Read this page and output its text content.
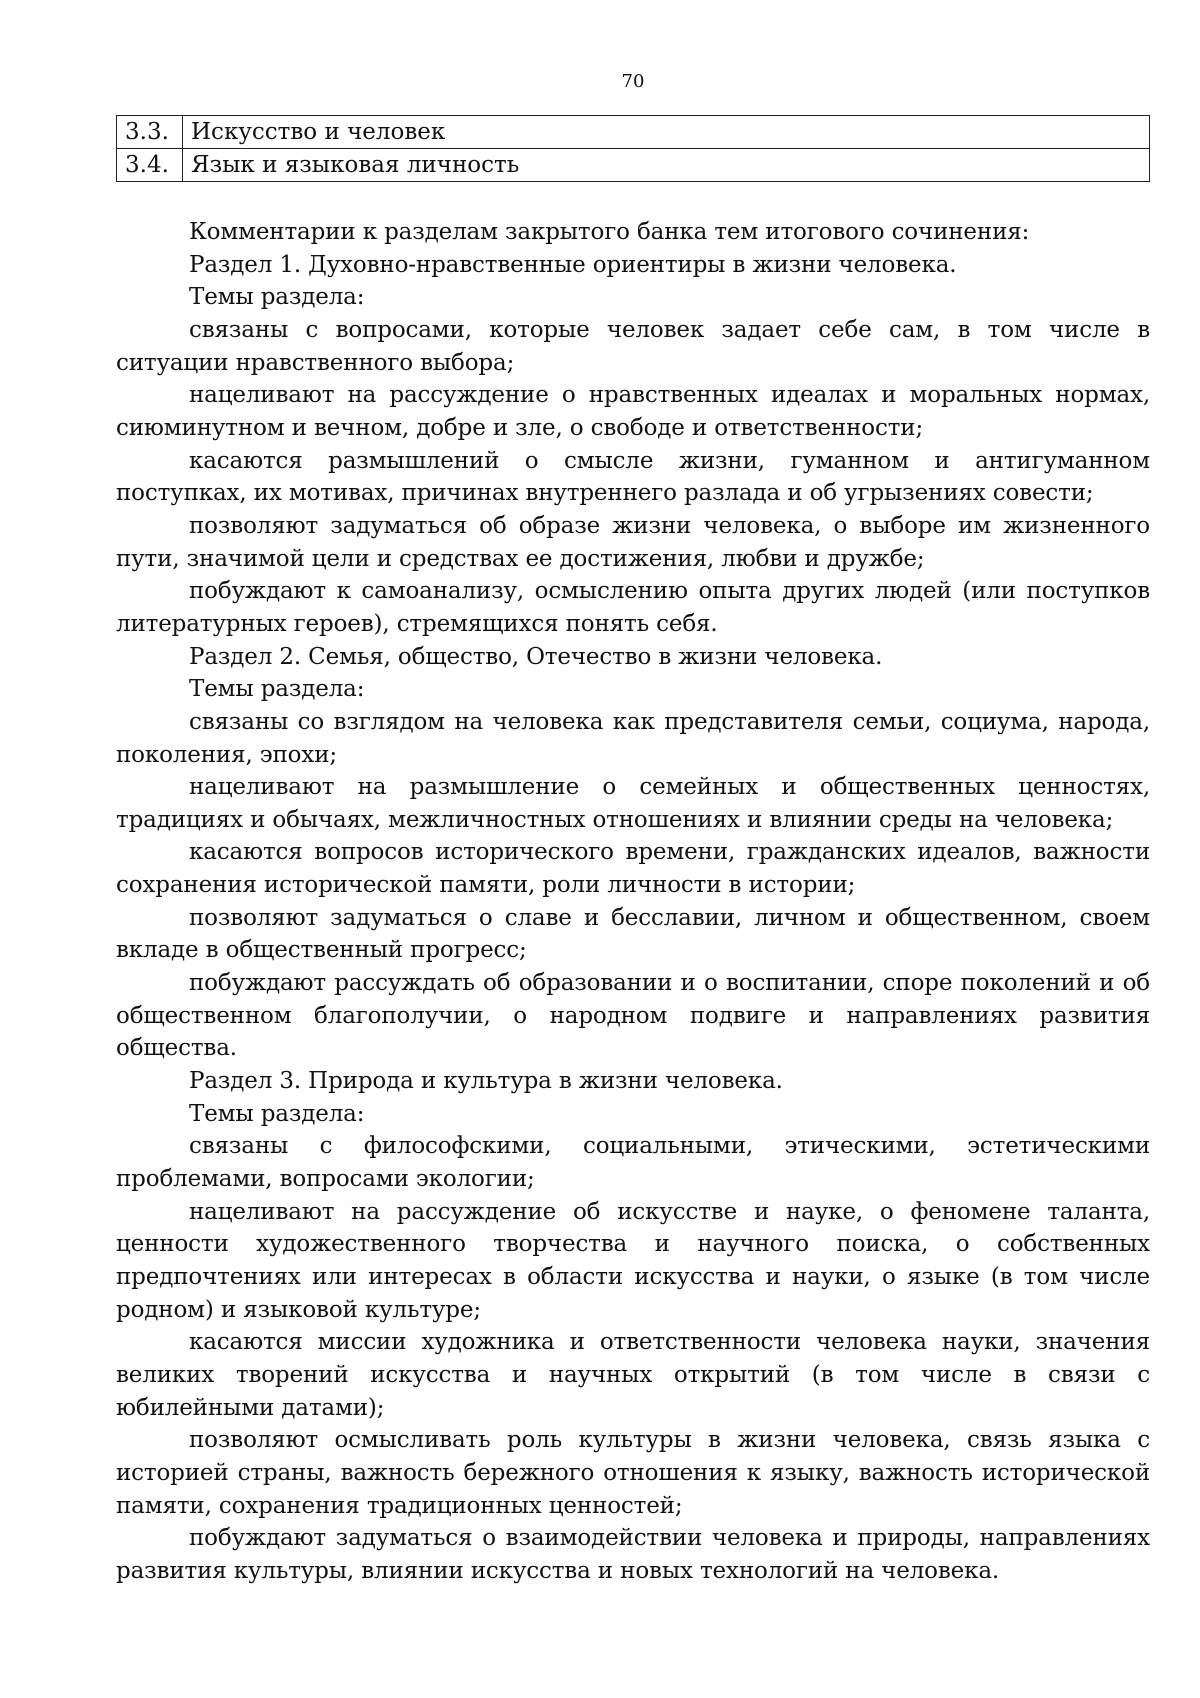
70
3.3.	Искусство и человек
3.4.	Язык и языковая личность

Комментарии к разделам закрытого банка тем итогового сочинения:

Раздел 1. Духовно-нравственные ориентиры в жизни человека.

Темы раздела:

связаны с вопросами, которые человек задает себе сам, в том числе в ситуации нравственного выбора;

нацеливают на рассуждение о нравственных идеалах и моральных нормах, сиюминутном и вечном, добре и зле, о свободе и ответственности;

касаются размышлений о смысле жизни, гуманном и антигуманном поступках, их мотивах, причинах внутреннего разлада и об угрызениях совести;

позволяют задуматься об образе жизни человека, о выборе им жизненного пути, значимой цели и средствах ее достижения, любви и дружбе;

побуждают к самоанализу, осмыслению опыта других людей (или поступков литературных героев), стремящихся понять себя.

Раздел 2. Семья, общество, Отечество в жизни человека.

Темы раздела:

связаны со взглядом на человека как представителя семьи, социума, народа, поколения, эпохи;

нацеливают на размышление о семейных и общественных ценностях, традициях и обычаях, межличностных отношениях и влиянии среды на человека;

касаются вопросов исторического времени, гражданских идеалов, важности сохранения исторической памяти, роли личности в истории;

позволяют задуматься о славе и бесславии, личном и общественном, своем вкладе в общественный прогресс;

побуждают рассуждать об образовании и о воспитании, споре поколений и об общественном благополучии, о народном подвиге и направлениях развития общества.

Раздел 3. Природа и культура в жизни человека.

Темы раздела:

связаны с философскими, социальными, этическими, эстетическими проблемами, вопросами экологии;

нацеливают на рассуждение об искусстве и науке, о феномене таланта, ценности художественного творчества и научного поиска, о собственных предпочтениях или интересах в области искусства и науки, о языке (в том числе родном) и языковой культуре;

касаются миссии художника и ответственности человека науки, значения великих творений искусства и научных открытий (в том числе в связи с юбилейными датами);

позволяют осмысливать роль культуры в жизни человека, связь языка с историей страны, важность бережного отношения к языку, важность исторической памяти, сохранения традиционных ценностей;

побуждают задуматься о взаимодействии человека и природы, направлениях развития культуры, влиянии искусства и новых технологий на человека.
